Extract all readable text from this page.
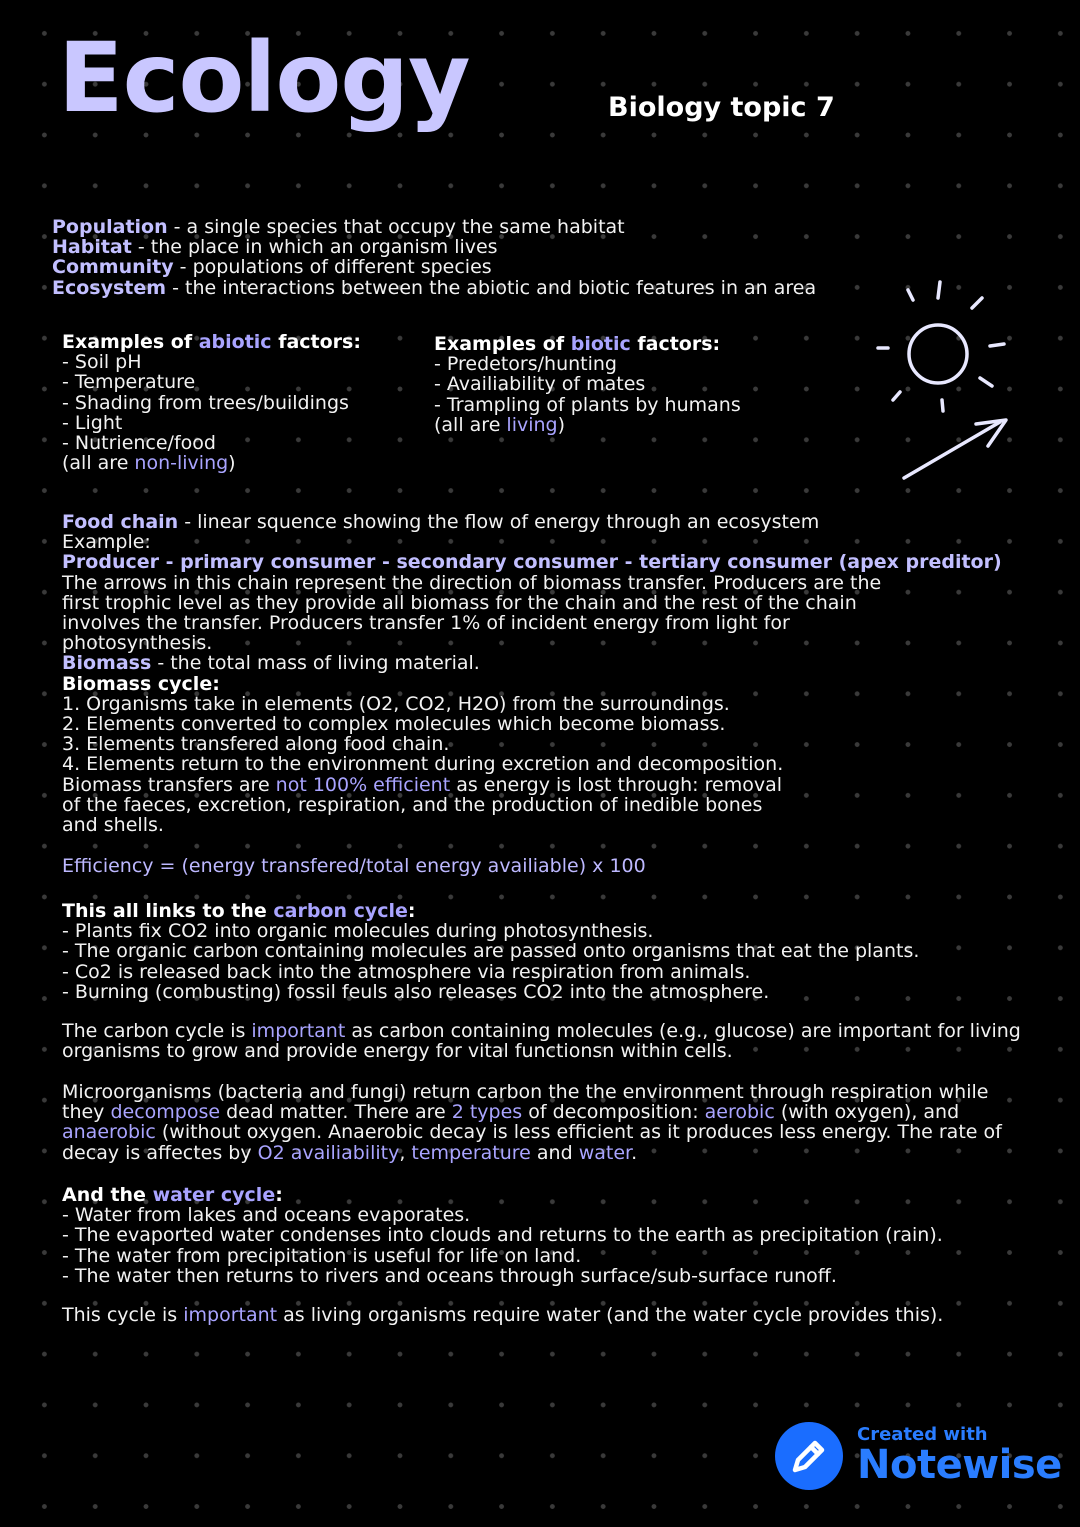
Ecology	Biology topic 7

Population - a single species that occupy the same habitat

Habitat - the place in which an organism lives

Community - populations of different species

Ecosystem - the interactions between the abiotic and biotic features in an area

Examples of abiotic factors:

- Soil pH

- Temperature

- Shading from trees/buildings

- Light

- Nutrience/food

(all are non-living)

Examples of biotic factors:

- Predetors/hunting

- Availiability of mates

- Trampling of plants by humans

(all are living)

Food chain - linear squence showing the flow of energy through an ecosystem

Example:

Producer - primary consumer - secondary consumer - tertiary consumer (apex preditor)

The arrows in this chain represent the direction of biomass transfer. Producers are the

first trophic level as they provide all biomass for the chain and the rest of the chain

involves the transfer. Producers transfer 1% of incident energy from light for

photosynthesis.

Biomass - the total mass of living material.

Biomass cycle:

1. Organisms take in elements (O2, CO2, H2O) from the surroundings.

2. Elements converted to complex molecules which become biomass.

3. Elements transfered along food chain.

4. Elements return to the environment during excretion and decomposition.

Biomass transfers are not 100% efficient as energy is lost through: removal

of the faeces, excretion, respiration, and the production of inedible bones

and shells.

Efficiency = (energy transfered/total energy availiable) x 100

This all links to the carbon cycle:

- Plants fix CO2 into organic molecules during photosynthesis.

- The organic carbon containing molecules are passed onto organisms that eat the plants.

- Co2 is released back into the atmosphere via respiration from animals.

- Burning (combusting) fossil feuls also releases CO2 into the atmosphere.

The carbon cycle is important as carbon containing molecules (e.g., glucose) are important for living

organisms to grow and provide energy for vital functionsn within cells.

Microorganisms (bacteria and fungi) return carbon the the environment through respiration while

they decompose dead matter. There are 2 types of decomposition: aerobic (with oxygen), and

anaerobic (without oxygen. Anaerobic decay is less efficient as it produces less energy. The rate of

decay is affectes by O2 availiability, temperature and water.

And the water cycle:

- Water from lakes and oceans evaporates.

- The evaported water condenses into clouds and returns to the earth as precipitation (rain).

- The water from precipitation is useful for life on land.

- The water then returns to rivers and oceans through surface/sub-surface runoff.

This cycle is important as living organisms require water (and the water cycle provides this).

Created with
Notewise
